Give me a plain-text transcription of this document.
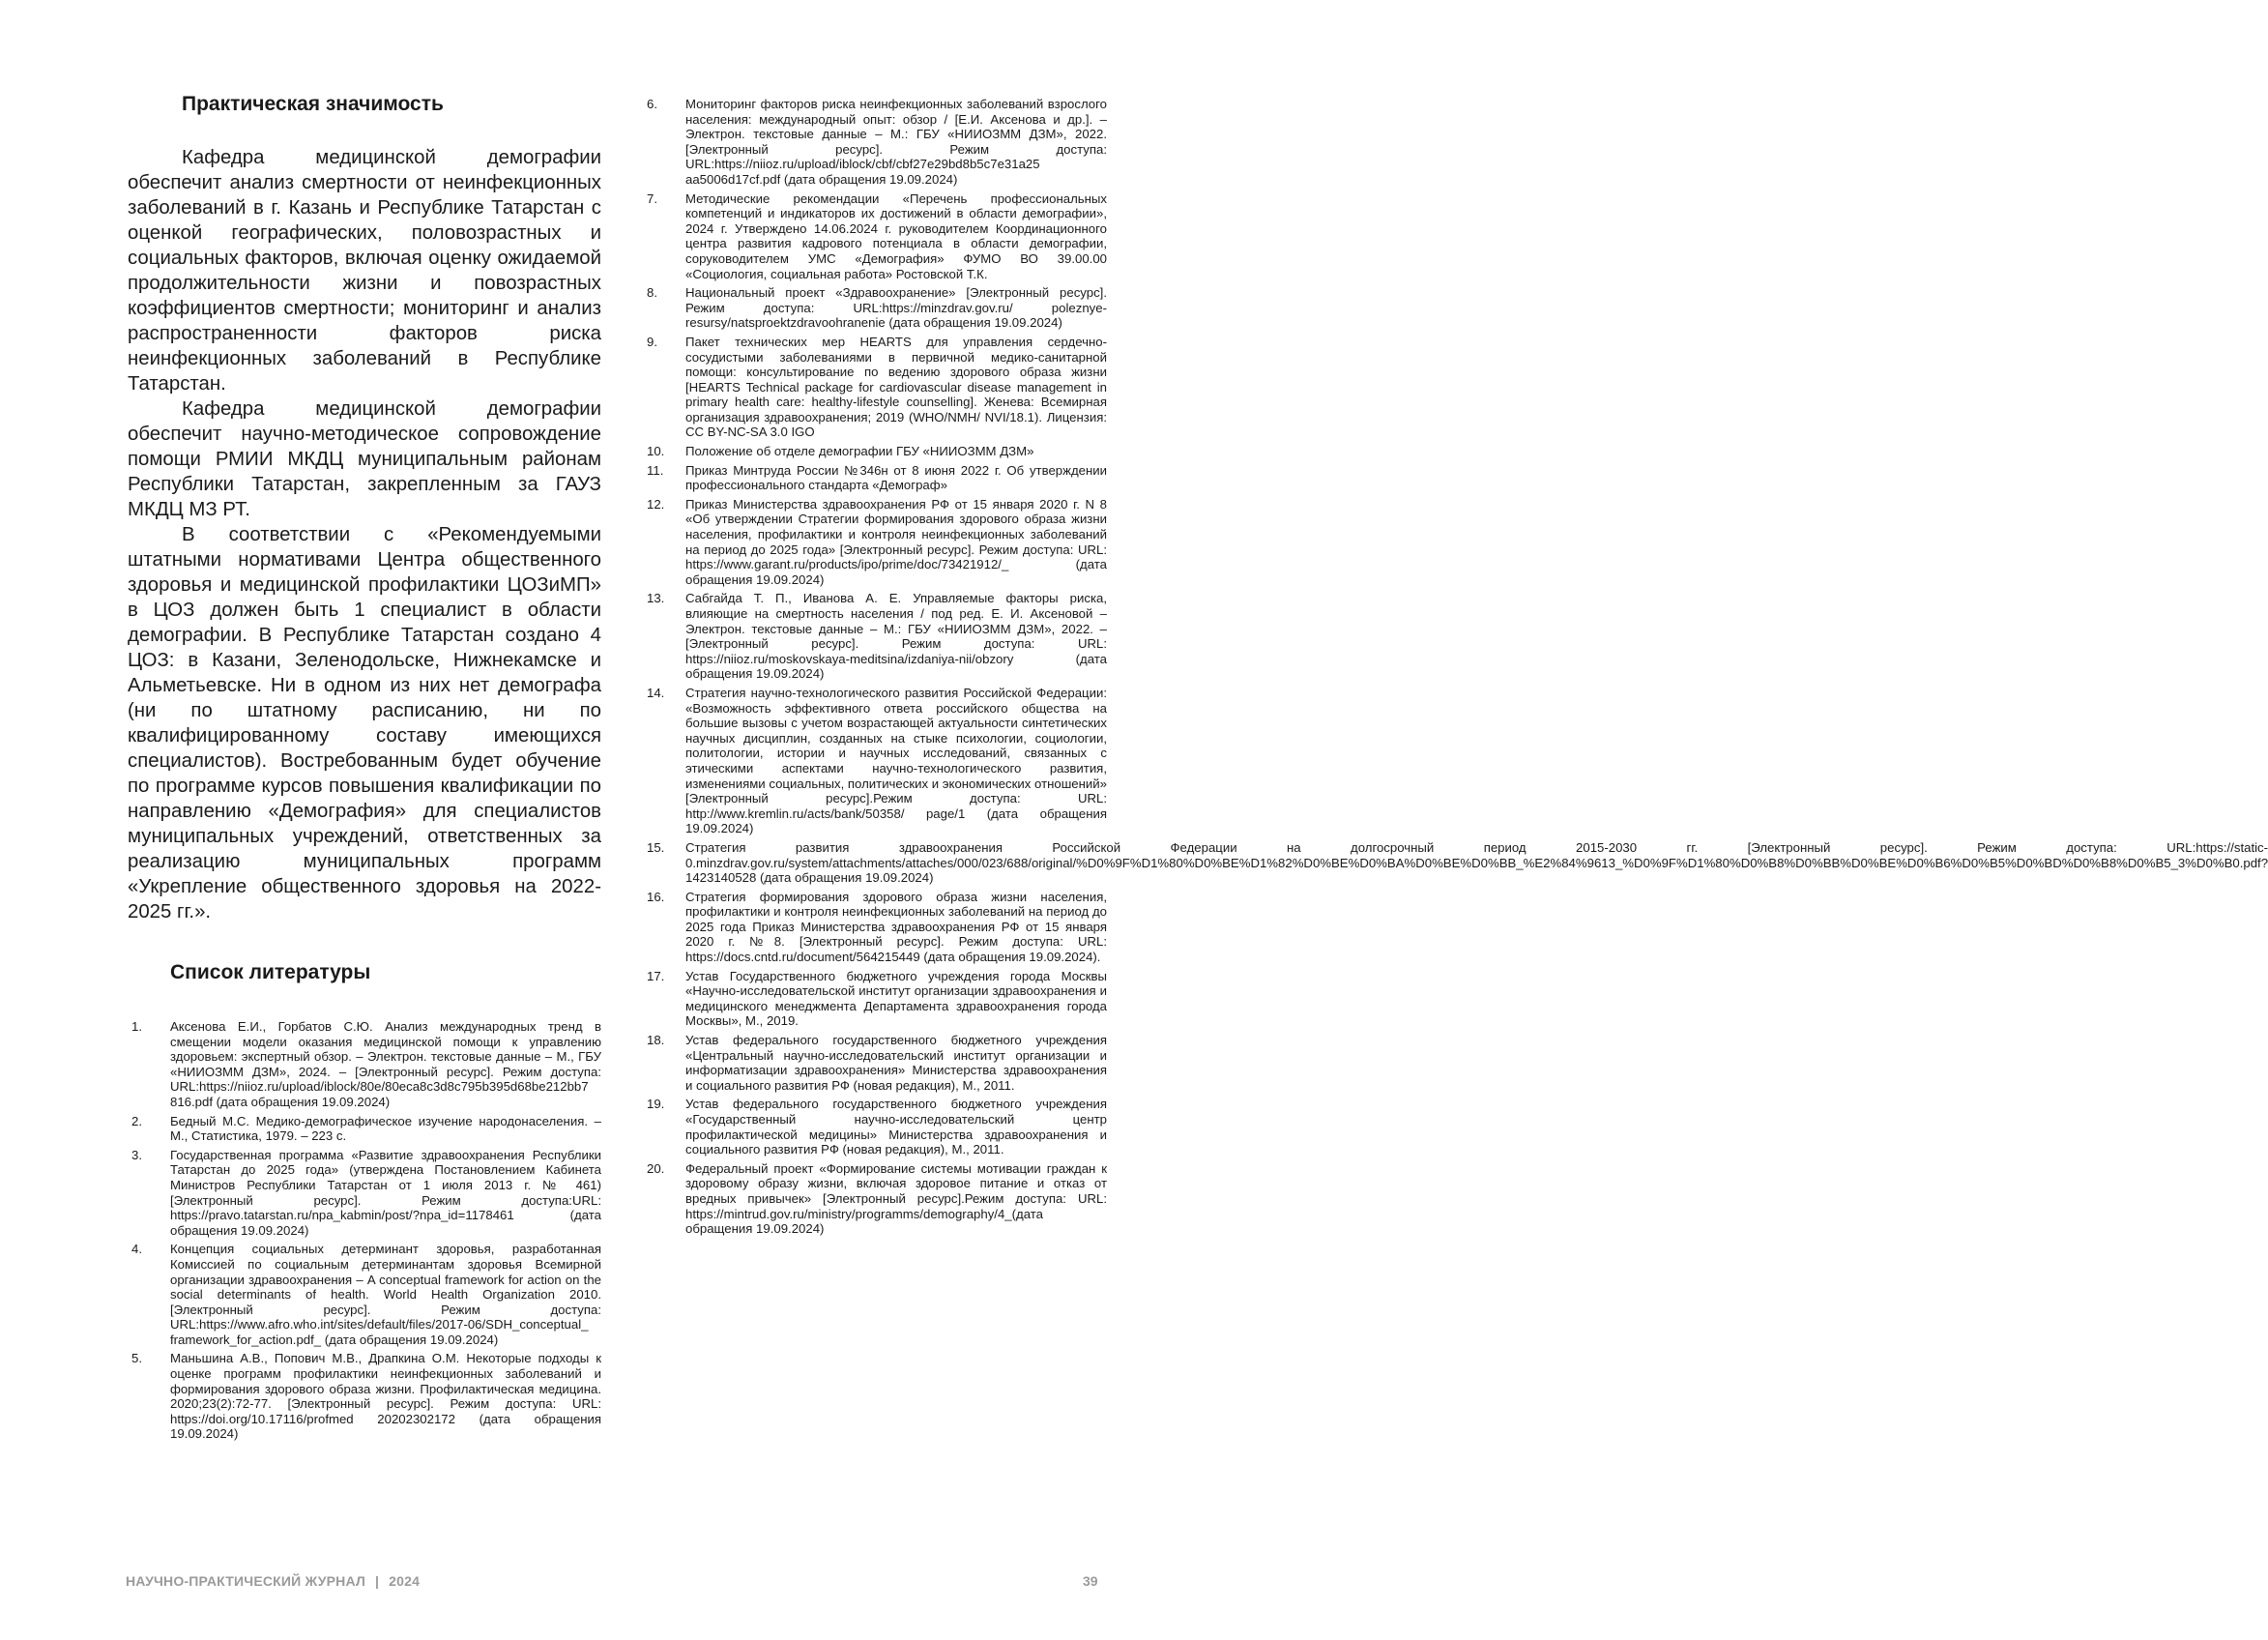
Практическая значимость

Кафедра медицинской демографии обеспечит анализ смертности от неинфекционных заболеваний в г. Казань и Республике Татарстан с оценкой географических, половозрастных и социальных факторов, включая оценку ожидаемой продолжительности жизни и повозрастных коэффициентов смертности; мониторинг и анализ распространенности факторов риска неинфекционных заболеваний в Республике Татарстан.

Кафедра медицинской демографии обеспечит научно-методическое сопровождение помощи РМИИ МКДЦ муниципальным районам Республики Татарстан, закрепленным за ГАУЗ МКДЦ МЗ РТ.

В соответствии с «Рекомендуемыми штатными нормативами Центра общественного здоровья и медицинской профилактики ЦОЗиМП» в ЦОЗ должен быть 1 специалист в области демографии. В Республике Татарстан создано 4 ЦОЗ: в Казани, Зеленодольске, Нижнекамске и Альметьевске. Ни в одном из них нет демографа (ни по штатному расписанию, ни по квалифицированному составу имеющихся специалистов). Востребованным будет обучение по программе курсов повышения квалификации по направлению «Демография» для специалистов муниципальных учреждений, ответственных за реализацию муниципальных программ «Укрепление общественного здоровья на 2022-2025 гг.».

Список литературы
1.	Аксенова Е.И., Горбатов С.Ю. Анализ международных тренд в смещении модели оказания медицинской помощи к управлению здоровьем: экспертный обзор. – Электрон. текстовые данные – М., ГБУ «НИИОЗММ ДЗМ», 2024. – [Электронный ресурс]. Режим доступа: URL:https://niioz.ru/upload/iblock/80e/80eca8c3d8c795b395d68be212bb7 816.pdf (дата обращения 19.09.2024)
2.	Бедный М.С. Медико-демографическое изучение народонаселения. – М., Статистика, 1979. – 223 с.
3.	Государственная программа «Развитие здравоохранения Республики Татарстан до 2025 года» (утверждена Постановлением Кабинета Министров Республики Татарстан от 1 июля 2013 г. № 461) [Электронный ресурс]. Режим доступа:URL: https://pravo.tatarstan.ru/npa_kabmin/post/?npa_id=1178461 (дата обращения 19.09.2024)
4.	Концепция социальных детерминант здоровья, разработанная Комиссией по социальным детерминантам здоровья Всемирной организации здравоохранения – A conceptual framework for action on the social determinants of health. World Health Organization 2010. [Электронный ресурс]. Режим доступа: URL:https://www.afro.who.int/sites/default/files/2017-06/SDH_conceptual_ framework_for_action.pdf_ (дата обращения 19.09.2024)
5.	Маньшина А.В., Попович М.В., Драпкина О.М. Некоторые подходы к оценке программ профилактики неинфекционных заболеваний и формирования здорового образа жизни. Профилактическая медицина. 2020;23(2):72-77. [Электронный ресурс]. Режим доступа: URL: https://doi.org/10.17116/profmed 20202302172 (дата обращения 19.09.2024)
6.	Мониторинг факторов риска неинфекционных заболеваний взрослого населения: международный опыт: обзор / [Е.И. Аксенова и др.]. – Электрон. текстовые данные – М.: ГБУ «НИИОЗММ ДЗМ», 2022. [Электронный ресурс]. Режим доступа: URL:https://niioz.ru/upload/iblock/cbf/cbf27e29bd8b5c7e31a25 aa5006d17cf.pdf (дата обращения 19.09.2024)
7.	Методические рекомендации «Перечень профессиональных компетенций и индикаторов их достижений в области демографии», 2024 г. Утверждено 14.06.2024 г. руководителем Координационного центра развития кадрового потенциала в области демографии, соруководителем УМС «Демография» ФУМО ВО 39.00.00 «Социология, социальная работа» Ростовской Т.К.
8.	Национальный проект «Здравоохранение» [Электронный ресурс]. Режим доступа: URL:https://minzdrav.gov.ru/ poleznye-resursy/natsproektzdravoohranenie (дата обращения 19.09.2024)
9.	Пакет технических мер HEARTS для управления сердечно-сосудистыми заболеваниями в первичной медико-санитарной помощи: консультирование по ведению здорового образа жизни [HEARTS Technical package for cardiovascular disease management in primary health care: healthy-lifestyle counselling]. Женева: Всемирная организация здравоохранения; 2019 (WHO/NMH/ NVI/18.1). Лицензия: CC BY-NC-SA 3.0 IGO
10.	Положение об отделе демографии ГБУ «НИИОЗММ ДЗМ»
11.	Приказ Минтруда России №346н от 8 июня 2022 г. Об утверждении профессионального стандарта «Демограф»
12.	Приказ Министерства здравоохранения РФ от 15 января 2020 г. N 8 «Об утверждении Стратегии формирования здорового образа жизни населения, профилактики и контроля неинфекционных заболеваний на период до 2025 года» [Электронный ресурс]. Режим доступа: URL: https://www.garant.ru/products/ipo/prime/doc/73421912/_ (дата обращения 19.09.2024)
13.	Сабгайда Т. П., Иванова А. Е. Управляемые факторы риска, влияющие на смертность населения / под ред. Е. И. Аксеновой – Электрон. текстовые данные – М.: ГБУ «НИИОЗММ ДЗМ», 2022. – [Электронный ресурс]. Режим доступа: URL: https://niioz.ru/moskovskaya-meditsina/izdaniya-nii/obzory (дата обращения 19.09.2024)
14.	Стратегия научно-технологического развития Российской Федерации: «Возможность эффективного ответа российского общества на большие вызовы с учетом возрастающей актуальности синтетических научных дисциплин, созданных на стыке психологии, социологии, политологии, истории и научных исследований, связанных с этическими аспектами научно-технологического развития, изменениями социальных, политических и экономических отношений» [Электронный ресурс].Режим доступа: URL: http://www.kremlin.ru/acts/bank/50358/ page/1 (дата обращения 19.09.2024)
15.	Стратегия развития здравоохранения Российской Федерации на долгосрочный период 2015-2030 гг. [Электронный ресурс]. Режим доступа: URL:https://static-0.minzdrav.gov.ru/system/attachments/attaches/000/023/688/original/%D0%9F%D1%80%D0%BE%D1%82%D0%BE%D0%BA%D0%BE%D0%BB_%E2%84%9613_%D0%9F%D1%80%D0%B8%D0%BB%D0%BE%D0%B6%D0%B5%D0%BD%D0%B8%D0%B5_3%D0%B0.pdf?1423140528 (дата обращения 19.09.2024)
16.	Стратегия формирования здорового образа жизни населения, профилактики и контроля неинфекционных заболеваний на период до 2025 года Приказ Министерства здравоохранения РФ от 15 января 2020 г. №8. [Электронный ресурс]. Режим доступа: URL: https://docs.cntd.ru/document/564215449 (дата обращения 19.09.2024).
17.	Устав Государственного бюджетного учреждения города Москвы «Научно-исследовательской институт организации здравоохранения и медицинского менеджмента Департамента здравоохранения города Москвы», М., 2019.
18.	Устав федерального государственного бюджетного учреждения «Центральный научно-исследовательский институт организации и информатизации здравоохранения» Министерства здравоохранения и социального развития РФ (новая редакция), М., 2011.
19.	Устав федерального государственного бюджетного учреждения «Государственный научно-исследовательский центр профилактической медицины» Министерства здравоохранения и социального развития РФ (новая редакция), М., 2011.
20.	Федеральный проект «Формирование системы мотивации граждан к здоровому образу жизни, включая здоровое питание и отказ от вредных привычек» [Электронный ресурс].Режим доступа: URL: https://mintrud.gov.ru/ministry/programms/demography/4_(дата обращения 19.09.2024)
НАУЧНО-ПРАКТИЧЕСКИЙ ЖУРНАЛ | 2024	39
